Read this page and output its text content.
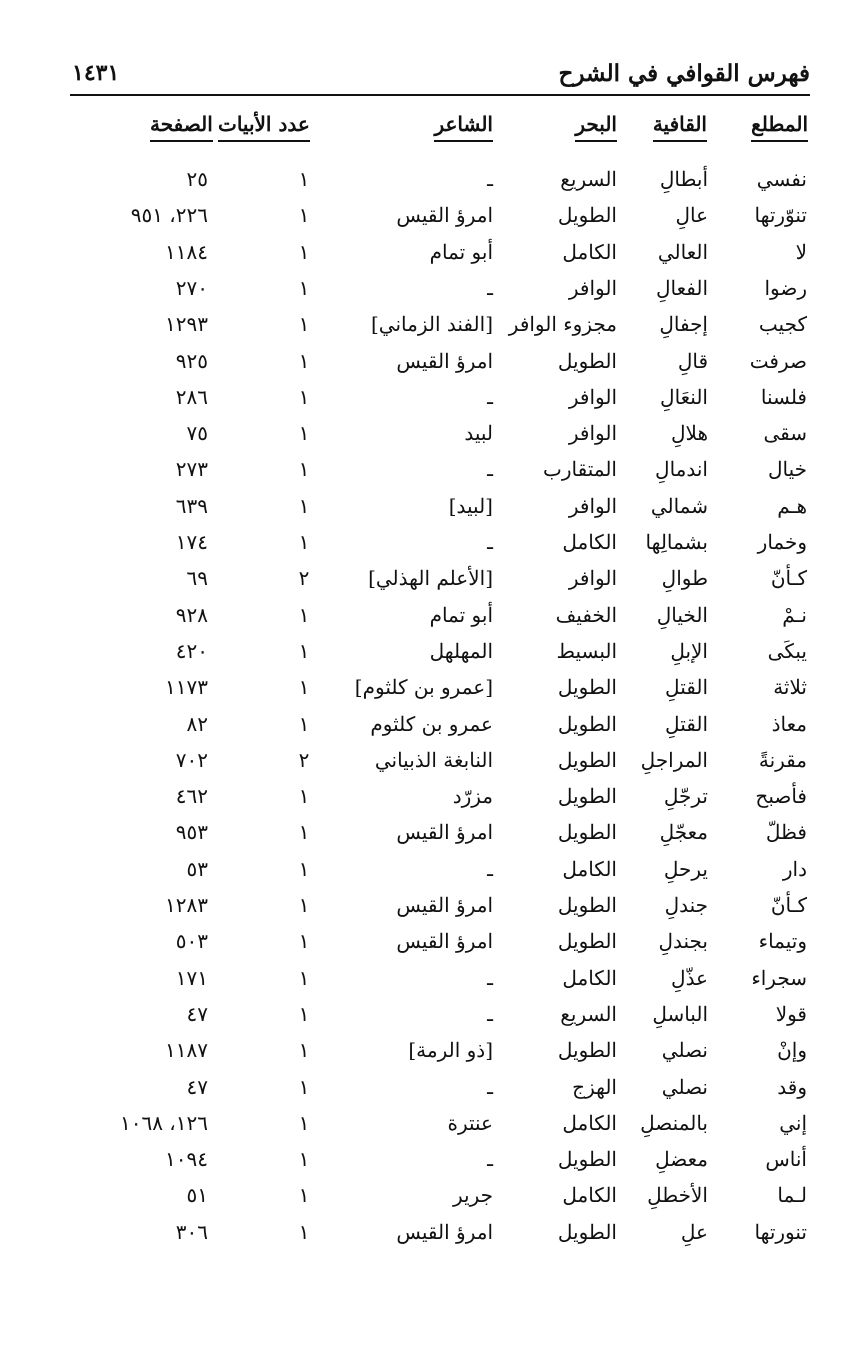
فهرس القوافي في الشرح
١٤٣١
المطلع
القافية
البحر
الشاعر
عدد الأبيات
الصفحة
نفسي
أبطالِ
السريع
ـ
١
٢٥
تنوّرتها
عالِ
الطويل
امرؤ القيس
١
٢٢٦، ٩٥١
لا
العالي
الكامل
أبو تمام
١
١١٨٤
رضوا
الفعالِ
الوافر
ـ
١
٢٧٠
كجيب
إجفالِ
مجزوء الوافر
[الفند الزماني]
١
١٢٩٣
صرفت
قالِ
الطويل
امرؤ القيس
١
٩٢٥
فلسنا
النعَالِ
الوافر
ـ
١
٢٨٦
سقى
هلالِ
الوافر
لبيد
١
٧٥
خيال
اندمالِ
المتقارب
ـ
١
٢٧٣
هـم
شمالي
الوافر
[لبيد]
١
٦٣٩
وخمار
بشمالِها
الكامل
ـ
١
١٧٤
كـأنّ
طوالِ
الوافر
[الأعلم الهذلي]
٢
٦٩
نـمْ
الخيالِ
الخفيف
أبو تمام
١
٩٢٨
يبكَى
الإبلِ
البسيط
المهلهل
١
٤٢٠
ثلاثة
القتلِ
الطويل
[عمرو بن كلثوم]
١
١١٧٣
معاذ
القتلِ
الطويل
عمرو بن كلثوم
١
٨٢
مقرنةً
المراجلِ
الطويل
النابغة الذبياني
٢
٧٠٢
فأصبح
ترجّلِ
الطويل
مزرّد
١
٤٦٢
فظلّ
معجّلِ
الطويل
امرؤ القيس
١
٩٥٣
دار
يرحلِ
الكامل
ـ
١
٥٣
كـأنّ
جندلِ
الطويل
امرؤ القيس
١
١٢٨٣
وتيماء
بجندلِ
الطويل
امرؤ القيس
١
٥٠٣
سجراء
عذّلِ
الكامل
ـ
١
١٧١
قولا
الباسلِ
السريع
ـ
١
٤٧
وإنْ
نصلي
الطويل
[ذو الرمة]
١
١١٨٧
وقد
نصلي
الهزج
ـ
١
٤٧
إني
بالمنصلِ
الكامل
عنترة
١
١٢٦، ١٠٦٨
أناس
معضلِ
الطويل
ـ
١
١٠٩٤
لـما
الأخطلِ
الكامل
جرير
١
٥١
تنورتها
علِ
الطويل
امرؤ القيس
١
٣٠٦
